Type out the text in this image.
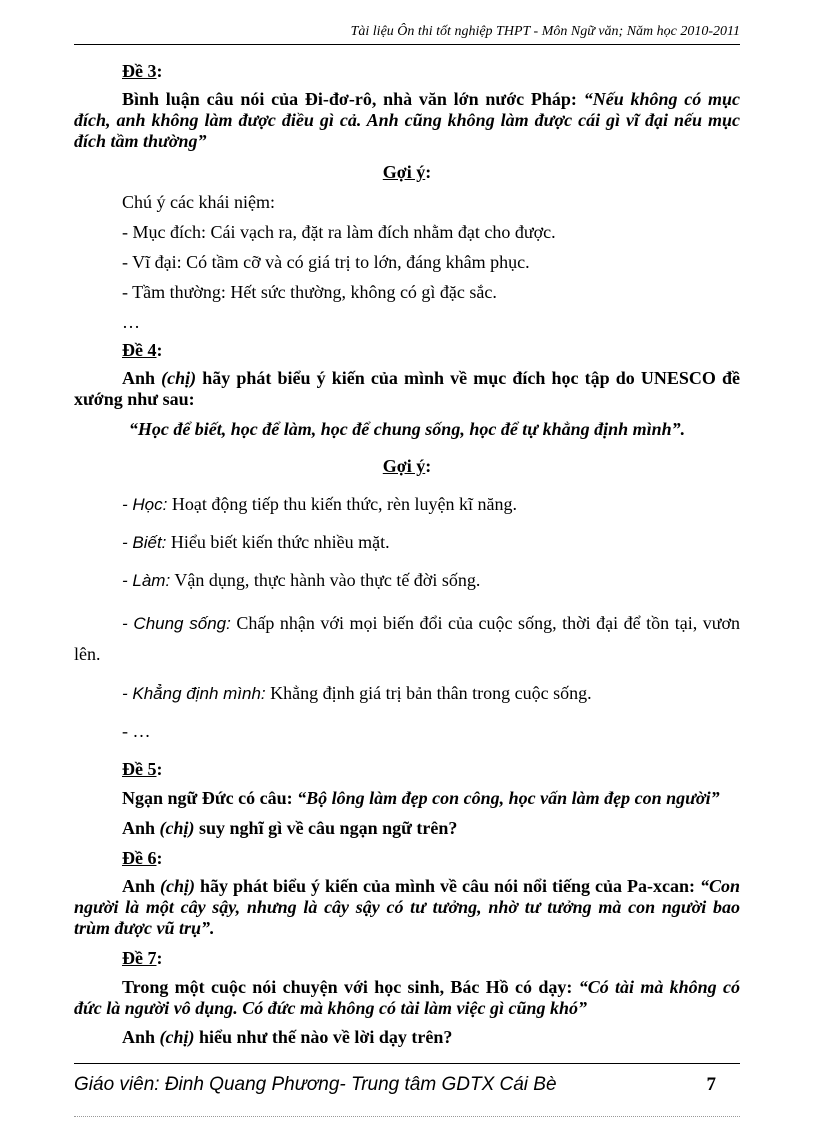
Tài liệu Ôn thi tốt nghiệp THPT - Môn Ngữ văn; Năm học 2010-2011

Đề 3:

Bình luận câu nói của Đi-đơ-rô, nhà văn lớn nước Pháp: “Nếu không có mục đích, anh không làm được điều gì cả. Anh cũng không làm được cái gì vĩ đại nếu mục đích tầm thường”

Gợi ý:

Chú ý các khái niệm:

- Mục đích: Cái vạch ra, đặt ra làm đích nhằm đạt cho được.

- Vĩ đại: Có tầm cỡ và có giá trị to lớn, đáng khâm phục.

- Tầm thường: Hết sức thường, không có gì đặc sắc.

…

Đề 4:

Anh (chị) hãy phát biểu ý kiến của mình về mục đích học tập do UNESCO đề xướng như sau:

“Học để biết, học để làm, học để chung sống, học để tự khẳng định mình”.

Gợi ý:

- Học: Hoạt động tiếp thu kiến thức, rèn luyện kĩ năng.

- Biết: Hiểu biết kiến thức nhiều mặt.

- Làm: Vận dụng, thực hành vào thực tế đời sống.

- Chung sống: Chấp nhận với mọi biến đổi của cuộc sống, thời đại để tồn tại, vươn lên.

- Khẳng định mình: Khẳng định giá trị bản thân trong cuộc sống.

- …

Đề 5:

Ngạn ngữ Đức có câu: “Bộ lông làm đẹp con công, học vấn làm đẹp con người”

Anh (chị) suy nghĩ gì về câu ngạn ngữ trên?

Đề 6:

Anh (chị) hãy phát biểu ý kiến của mình về câu nói nổi tiếng của Pa-xcan: “Con người là một cây sậy, nhưng là cây sậy có tư tưởng, nhờ tư tưởng mà con người bao trùm được vũ trụ”.

Đề 7:

Trong một cuộc nói chuyện với học sinh, Bác Hồ có dạy: “Có tài mà không có đức là người vô dụng. Có đức mà không có tài làm việc gì cũng khó”

Anh (chị) hiểu như thế nào về lời dạy trên?

Giáo viên: Đinh Quang Phương- Trung tâm GDTX Cái Bè	7
